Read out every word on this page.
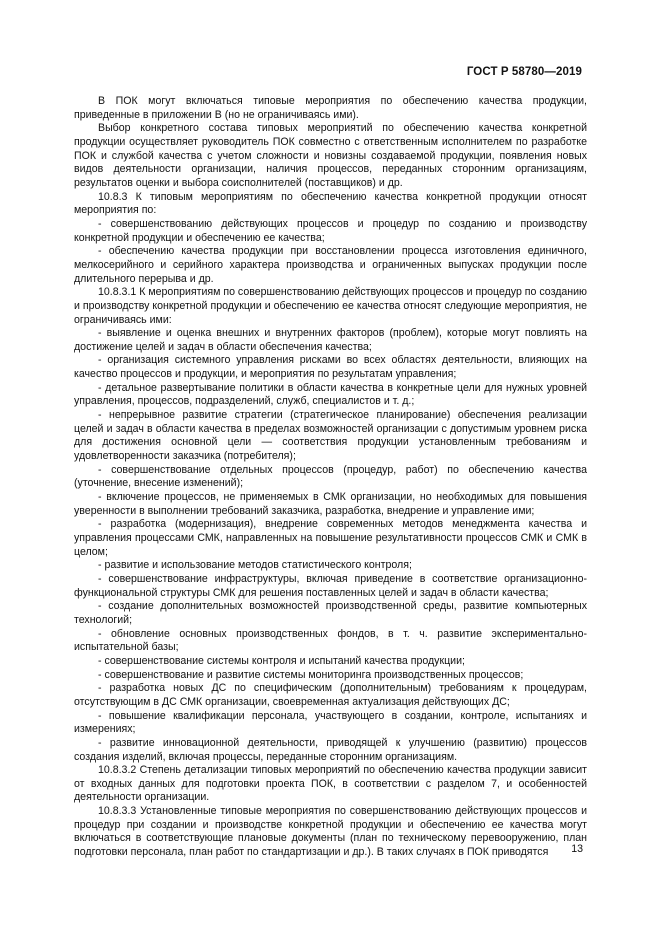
ГОСТ Р 58780—2019

В ПОК могут включаться типовые мероприятия по обеспечению качества продукции, приведенные в приложении В (но не ограничиваясь ими).

Выбор конкретного состава типовых мероприятий по обеспечению качества конкретной продукции осуществляет руководитель ПОК совместно с ответственным исполнителем по разработке ПОК и службой качества с учетом сложности и новизны создаваемой продукции, появления новых видов деятельности организации, наличия процессов, переданных сторонним организациям, результатов оценки и выбора соисполнителей (поставщиков) и др.

10.8.3 К типовым мероприятиям по обеспечению качества конкретной продукции относят мероприятия по:

- совершенствованию действующих процессов и процедур по созданию и производству конкретной продукции и обеспечению ее качества;

- обеспечению качества продукции при восстановлении процесса изготовления единичного, мелкосерийного и серийного характера производства и ограниченных выпусках продукции после длительного перерыва и др.

10.8.3.1 К мероприятиям по совершенствованию действующих процессов и процедур по созданию и производству конкретной продукции и обеспечению ее качества относят следующие мероприятия, не ограничиваясь ими:

- выявление и оценка внешних и внутренних факторов (проблем), которые могут повлиять на достижение целей и задач в области обеспечения качества;

- организация системного управления рисками во всех областях деятельности, влияющих на качество процессов и продукции, и мероприятия по результатам управления;

- детальное развертывание политики в области качества в конкретные цели для нужных уровней управления, процессов, подразделений, служб, специалистов и т. д.;

- непрерывное развитие стратегии (стратегическое планирование) обеспечения реализации целей и задач в области качества в пределах возможностей организации с допустимым уровнем риска для достижения основной цели — соответствия продукции установленным требованиям и удовлетворенности заказчика (потребителя);

- совершенствование отдельных процессов (процедур, работ) по обеспечению качества (уточнение, внесение изменений);

- включение процессов, не применяемых в СМК организации, но необходимых для повышения уверенности в выполнении требований заказчика, разработка, внедрение и управление ими;

- разработка (модернизация), внедрение современных методов менеджмента качества и управления процессами СМК, направленных на повышение результативности процессов СМК и СМК в целом;

- развитие и использование методов статистического контроля;

- совершенствование инфраструктуры, включая приведение в соответствие организационно-функциональной структуры СМК для решения поставленных целей и задач в области качества;

- создание дополнительных возможностей производственной среды, развитие компьютерных технологий;

- обновление основных производственных фондов, в т. ч. развитие экспериментально-испытательной базы;

- совершенствование системы контроля и испытаний качества продукции;

- совершенствование и развитие системы мониторинга производственных процессов;

- разработка новых ДС по специфическим (дополнительным) требованиям к процедурам, отсутствующим в ДС СМК организации, своевременная актуализация действующих ДС;

- повышение квалификации персонала, участвующего в создании, контроле, испытаниях и измерениях;

- развитие инновационной деятельности, приводящей к улучшению (развитию) процессов создания изделий, включая процессы, переданные сторонним организациям.

10.8.3.2 Степень детализации типовых мероприятий по обеспечению качества продукции зависит от входных данных для подготовки проекта ПОК, в соответствии с разделом 7, и особенностей деятельности организации.

10.8.3.3 Установленные типовые мероприятия по совершенствованию действующих процессов и процедур при создании и производстве конкретной продукции и обеспечению ее качества могут включаться в соответствующие плановые документы (план по техническому перевооружению, план подготовки персонала, план работ по стандартизации и др.). В таких случаях в ПОК приводятся	13
